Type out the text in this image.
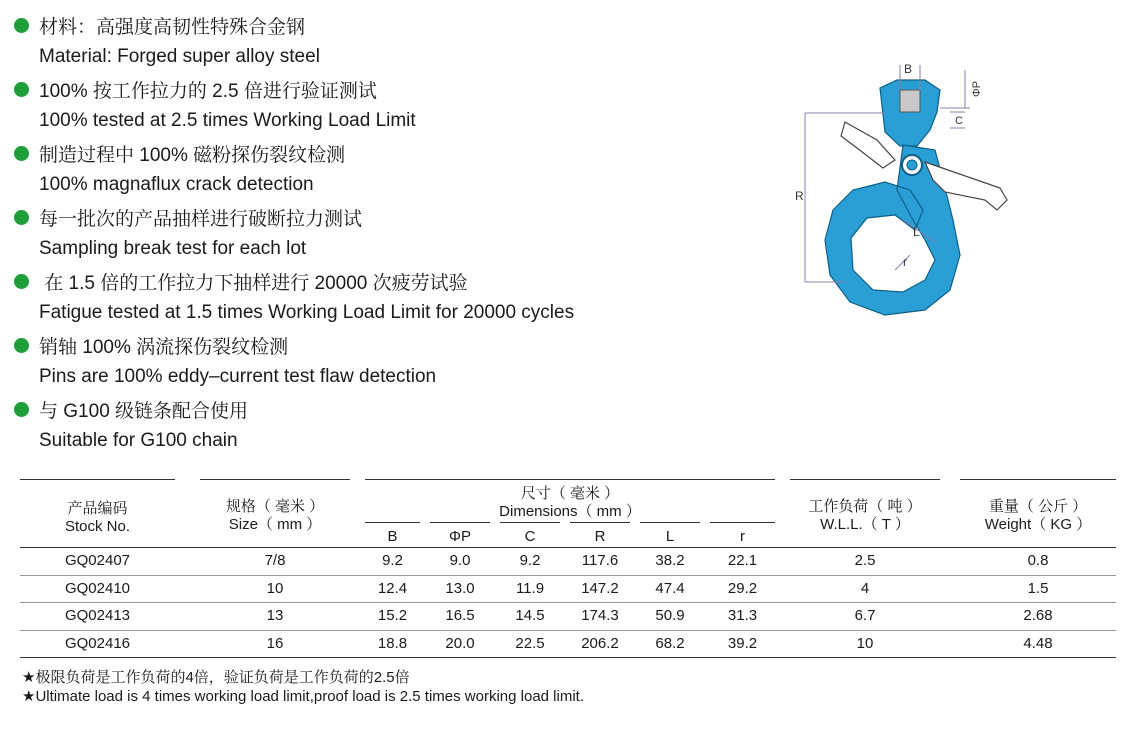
材料：高强度高韧性特殊合金钢
Material: Forged super alloy steel
100% 按工作拉力的 2.5 倍进行验证测试
100% tested at 2.5 times Working Load Limit
制造过程中 100% 磁粉探伤裂纹检测
100% magnaflux crack detection
每一批次的产品抽样进行破断拉力测试
Sampling break test for each lot
在 1.5 倍的工作拉力下抽样进行 20000 次疲劳试验
Fatigue tested at 1.5 times Working Load Limit for 20000 cycles
销轴 100% 涡流探伤裂纹检测
Pins are 100% eddy–current test flaw detection
与 G100 级链条配合使用
Suitable for G100 chain
B
ΦP
C
R
L
r
产品编码
Stock No.
规格（ 毫米 ）
Size（ mm ）
尺寸（ 毫米 ）
Dimensions（ mm ）	工作负荷（ 吨 ）
W.L.L.（ T ）
重量（ 公斤 ）
Weight（ KG ）
B	ΦP	C	R	L	r
GQ02407	7/8	9.2	9.0	9.2	117.6	38.2	22.1	2.5	0.8
GQ02410	10	12.4	13.0	11.9	147.2	47.4	29.2	4	1.5
GQ02413	13	15.2	16.5	14.5	174.3	50.9	31.3	6.7	2.68
GQ02416	16	18.8	20.0	22.5	206.2	68.2	39.2	10	4.48
★极限负荷是工作负荷的4倍，验证负荷是工作负荷的2.5倍
★Ultimate load is 4 times working load limit,proof load is 2.5 times working load limit.
